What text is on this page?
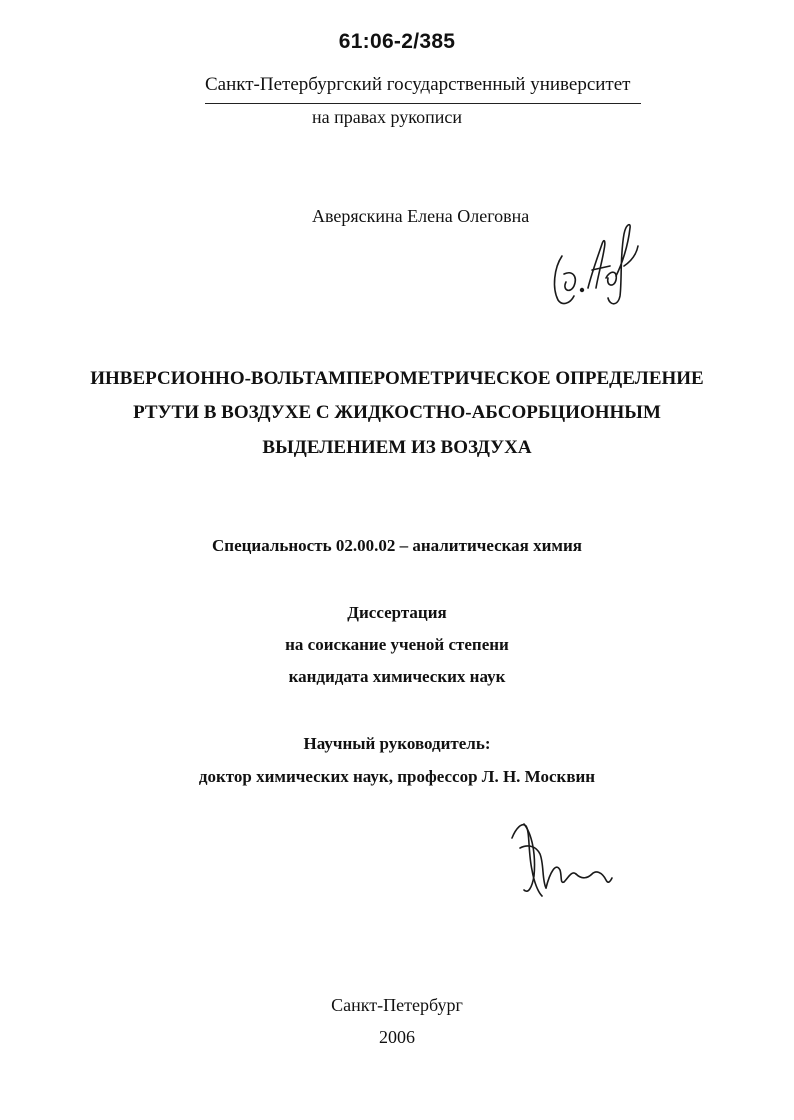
61:06-2/385
Санкт-Петербургский государственный университет
на правах рукописи
Аверяскина Елена Олеговна
ИНВЕРСИОННО-ВОЛЬТАМПЕРОМЕТРИЧЕСКОЕ ОПРЕДЕЛЕНИЕ
РТУТИ В ВОЗДУХЕ С ЖИДКОСТНО-АБСОРБЦИОННЫМ
ВЫДЕЛЕНИЕМ ИЗ ВОЗДУХА
Специальность 02.00.02 – аналитическая химия
Диссертация
на соискание ученой степени
кандидата химических наук
Научный руководитель:
доктор химических наук, профессор Л. Н. Москвин
Санкт-Петербург
2006
